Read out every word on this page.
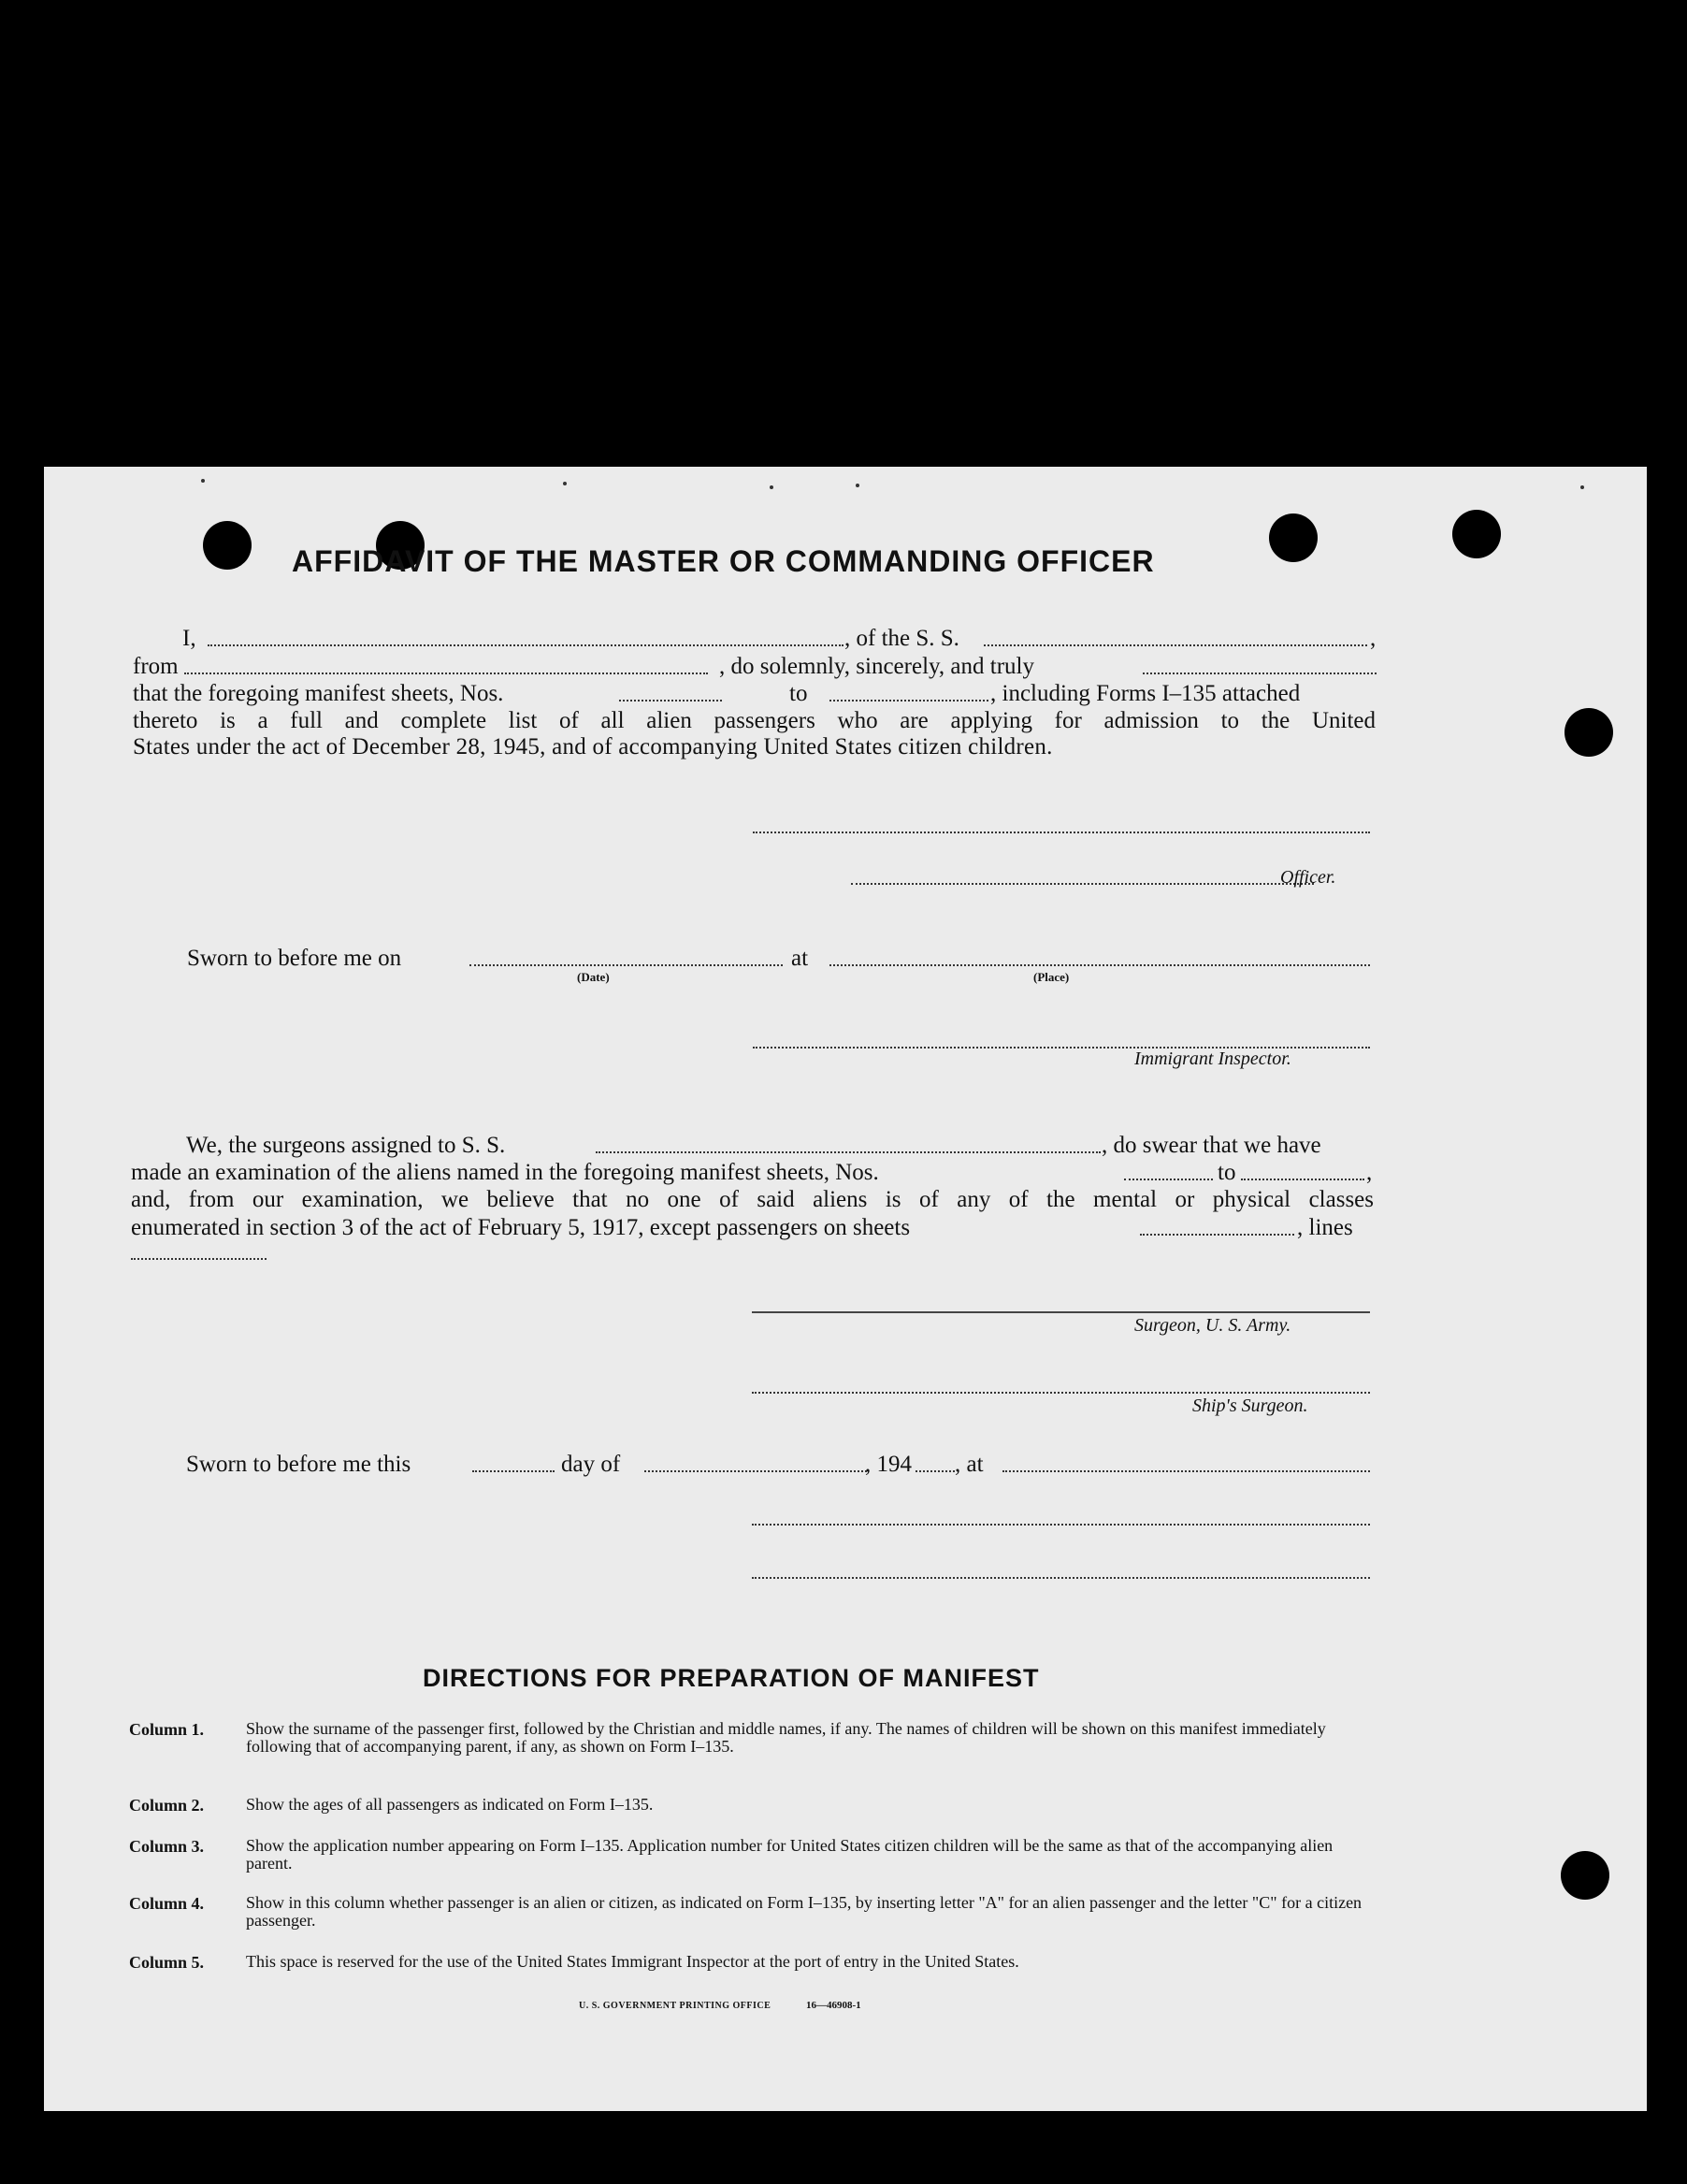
AFFIDAVIT OF THE MASTER OR COMMANDING OFFICER
I,	, of the S. S.	,
from	, do solemnly, sincerely, and truly
that the foregoing manifest sheets, Nos.	to	, including Forms I–135 attached
thereto is a full and complete list of all alien passengers who are applying for admission to the United
States under the act of December 28, 1945, and of accompanying United States citizen children.
Officer.
Sworn to before me on	at
(Date)	(Place)
Immigrant Inspector.
We, the surgeons assigned to S. S.	, do swear that we have
made an examination of the aliens named in the foregoing manifest sheets, Nos.	to	,
and, from our examination, we believe that no one of said aliens is of any of the mental or physical classes
enumerated in section 3 of the act of February 5, 1917, except passengers on sheets	, lines
Surgeon, U. S. Army.
Ship's Surgeon.
Sworn to before me this	day of	, 194 , at
DIRECTIONS FOR PREPARATION OF MANIFEST
Column 1. Show the surname of the passenger first, followed by the Christian and middle names, if any. The names of children will be shown on this manifest immediately following that of accompanying parent, if any, as shown on Form I–135.
Column 2. Show the ages of all passengers as indicated on Form I–135.
Column 3. Show the application number appearing on Form I–135. Application number for United States citizen children will be the same as that of the accompanying alien parent.
Column 4. Show in this column whether passenger is an alien or citizen, as indicated on Form I–135, by inserting letter "A" for an alien passenger and the letter "C" for a citizen passenger.
Column 5. This space is reserved for the use of the United States Immigrant Inspector at the port of entry in the United States.
U. S. GOVERNMENT PRINTING OFFICE	16—46908-1
